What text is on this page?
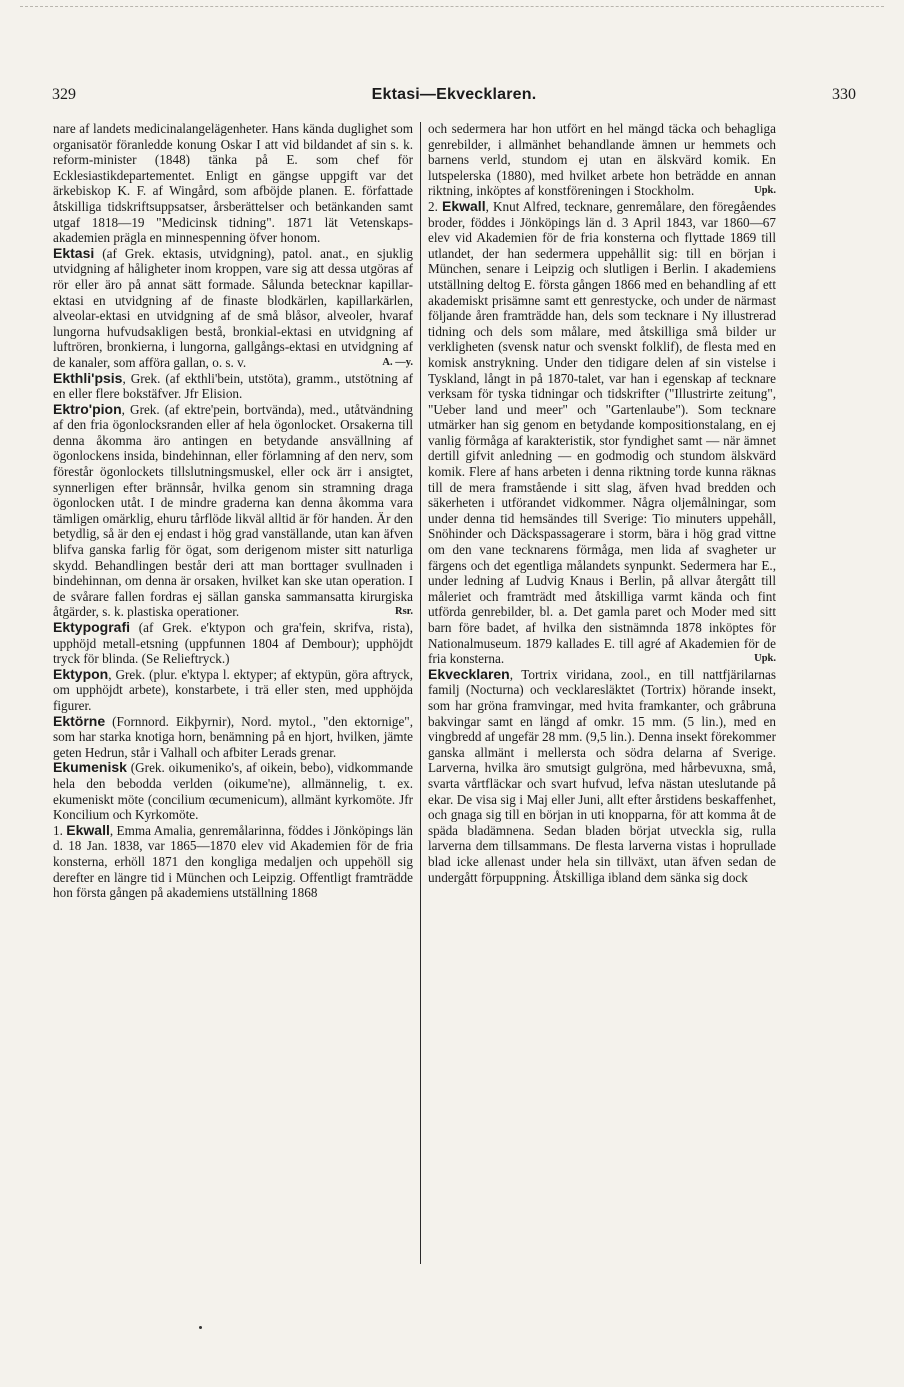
329	Ektasi—Ekvecklaren.	330

nare af landets medicinalangelägenheter. Hans kända duglighet som organisatör föranledde konung Oskar I att vid bildandet af sin s. k. reform-minister (1848) tänka på E. som chef för Ecklesiastikdepartementet. Enligt en gängse uppgift var det ärkebiskop K. F. af Wingård, som afböjde planen. E. författade åtskilliga tidskriftsuppsatser, årsberättelser och betänkanden samt utgaf 1818—19 "Medicinsk tidning". 1871 lät Vetenskaps-akademien prägla en minnespenning öfver honom.

Ektasi (af Grek. ektasis, utvidgning), patol. anat., en sjuklig utvidgning af håligheter inom kroppen, vare sig att dessa utgöras af rör eller äro på annat sätt formade. Sålunda betecknar kapillar-ektasi en utvidgning af de finaste blodkärlen, kapillarkärlen, alveolar-ektasi en utvidgning af de små blåsor, alveoler, hvaraf lungorna hufvudsakligen bestå, bronkial-ektasi en utvidgning af luftrören, bronkierna, i lungorna, gallgångs-ektasi en utvidgning af de kanaler, som afföra gallan, o. s. v.	A. —y.

Ekthli'psis, Grek. (af ekthli'bein, utstöta), gramm., utstötning af en eller flere bokstäfver. Jfr Elision.

Ektro'pion, Grek. (af ektre'pein, bortvända), med., utåtvändning af den fria ögonlocksranden eller af hela ögonlocket. Orsakerna till denna åkomma äro antingen en betydande ansvällning af ögonlockens insida, bindehinnan, eller förlamning af den nerv, som förestår ögonlockets tillslutningsmuskel, eller ock ärr i ansigtet, synnerligen efter brännsår, hvilka genom sin stramning draga ögonlocken utåt. I de mindre graderna kan denna åkomma vara tämligen omärklig, ehuru tårflöde likväl alltid är för handen. Är den betydlig, så är den ej endast i hög grad vanställande, utan kan äfven blifva ganska farlig för ögat, som derigenom mister sitt naturliga skydd. Behandlingen består deri att man borttager svullnaden i bindehinnan, om denna är orsaken, hvilket kan ske utan operation. I de svårare fallen fordras ej sällan ganska sammansatta kirurgiska åtgärder, s. k. plastiska operationer.	Rsr.

Ektypografi (af Grek. e'ktypon och gra'fein, skrifva, rista), upphöjd metall-etsning (uppfunnen 1804 af Dembour); upphöjdt tryck för blinda. (Se Relieftryck.)

Ektypon, Grek. (plur. e'ktypa l. ektyper; af ektypün, göra aftryck, om upphöjdt arbete), konstarbete, i trä eller sten, med upphöjda figurer.

Ektörne (Fornnord. Eikþyrnir), Nord. mytol., "den ektornige", som har starka knotiga horn, benämning på en hjort, hvilken, jämte geten Hedrun, står i Valhall och afbiter Lerads grenar.

Ekumenisk (Grek. oikumeniko's, af oikein, bebo), vidkommande hela den bebodda verlden (oikume'ne), allmännelig, t. ex. ekumeniskt möte (concilium œcumenicum), allmänt kyrkomöte. Jfr Koncilium och Kyrkomöte.

1. Ekwall, Emma Amalia, genremålarinna, föddes i Jönköpings län d. 18 Jan. 1838, var 1865—1870 elev vid Akademien för de fria konsterna, erhöll 1871 den kongliga medaljen och uppehöll sig derefter en längre tid i München och Leipzig. Offentligt framträdde hon första gången på akademiens utställning 1868

och sedermera har hon utfört en hel mängd täcka och behagliga genrebilder, i allmänhet behandlande ämnen ur hemmets och barnens verld, stundom ej utan en älskvärd komik. En lutspelerska (1880), med hvilket arbete hon beträdde en annan riktning, inköptes af konstföreningen i Stockholm.	Upk.

2. Ekwall, Knut Alfred, tecknare, genremålare, den föregåendes broder, föddes i Jönköpings län d. 3 April 1843, var 1860—67 elev vid Akademien för de fria konsterna och flyttade 1869 till utlandet, der han sedermera uppehållit sig: till en början i München, senare i Leipzig och slutligen i Berlin. I akademiens utställning deltog E. första gången 1866 med en behandling af ett akademiskt prisämne samt ett genrestycke, och under de närmast följande åren framträdde han, dels som tecknare i Ny illustrerad tidning och dels som målare, med åtskilliga små bilder ur verkligheten (svensk natur och svenskt folklif), de flesta med en komisk anstrykning. Under den tidigare delen af sin vistelse i Tyskland, långt in på 1870-talet, var han i egenskap af tecknare verksam för tyska tidningar och tidskrifter ("Illustrirte zeitung", "Ueber land und meer" och "Gartenlaube"). Som tecknare utmärker han sig genom en betydande kompositionstalang, en ej vanlig förmåga af karakteristik, stor fyndighet samt — när ämnet dertill gifvit anledning — en godmodig och stundom älskvärd komik. Flere af hans arbeten i denna riktning torde kunna räknas till de mera framstående i sitt slag, äfven hvad bredden och säkerheten i utförandet vidkommer. Några oljemålningar, som under denna tid hemsändes till Sverige: Tio minuters uppehåll, Snöhinder och Däckspassagerare i storm, bära i hög grad vittne om den vane tecknarens förmåga, men lida af svagheter ur färgens och det egentliga målandets synpunkt. Sedermera har E., under ledning af Ludvig Knaus i Berlin, på allvar återgått till måleriet och framträdt med åtskilliga varmt kända och fint utförda genrebilder, bl. a. Det gamla paret och Moder med sitt barn före badet, af hvilka den sistnämnda 1878 inköptes för Nationalmuseum. 1879 kallades E. till agré af Akademien för de fria konsterna.	Upk.

Ekvecklaren, Tortrix viridana, zool., en till nattfjärilarnas familj (Nocturna) och vecklaresläktet (Tortrix) hörande insekt, som har gröna framvingar, med hvita framkanter, och gråbruna bakvingar samt en längd af omkr. 15 mm. (5 lin.), med en vingbredd af ungefär 28 mm. (9,5 lin.). Denna insekt förekommer ganska allmänt i mellersta och södra delarna af Sverige. Larverna, hvilka äro smutsigt gulgröna, med hårbevuxna, små, svarta vårtfläckar och svart hufvud, lefva nästan uteslutande på ekar. De visa sig i Maj eller Juni, allt efter årstidens beskaffenhet, och gnaga sig till en början in uti knopparna, för att komma åt de späda bladämnena. Sedan bladen börjat utveckla sig, rulla larverna dem tillsammans. De flesta larverna vistas i hoprullade blad icke allenast under hela sin tillväxt, utan äfven sedan de undergått förpuppning. Åtskilliga ibland dem sänka sig dock
